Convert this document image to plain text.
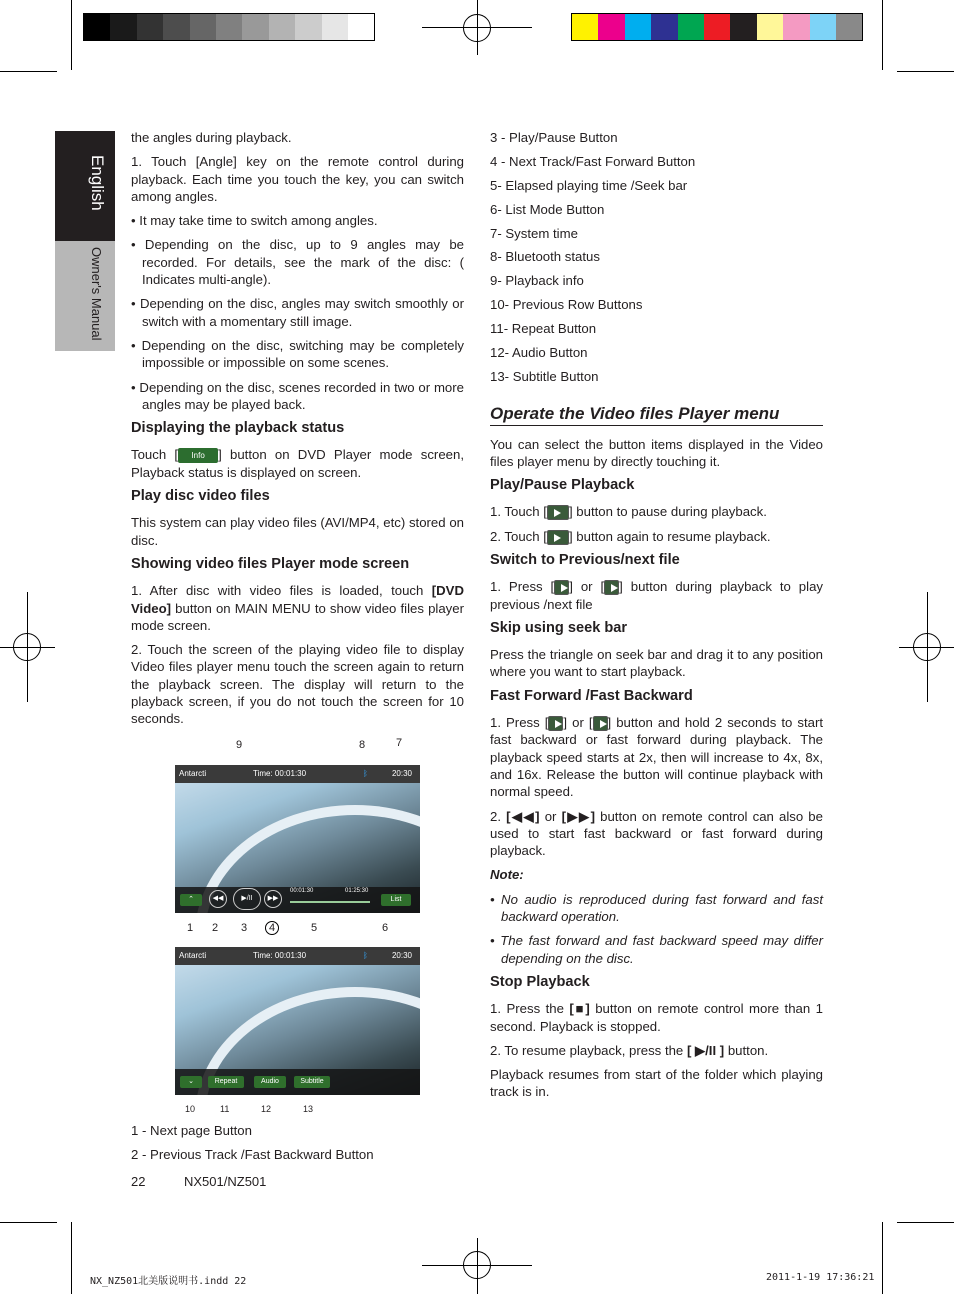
English
Owner's Manual

the angles during playback.

1. Touch [Angle] key on the remote control during playback. Each time you touch the key, you can switch among angles.

• It may take time to switch among angles.

• Depending on the disc, up to 9 angles may be recorded. For details, see the mark of the disc: ( Indicates multi-angle).

• Depending on the disc, angles may switch smoothly or switch with a momentary still image.

• Depending on the disc, switching may be completely impossible or impossible on some scenes.

• Depending on the disc, scenes recorded in two or more angles may be played back.

Displaying the playback status

Touch [ Info ] button on DVD Player mode screen, Playback status is displayed on screen.

Play disc video files

This system can play video files (AVI/MP4, etc) stored on disc.

Showing video files Player mode screen

1. After disc with video files is loaded, touch [DVD Video] button on MAIN MENU to show video files player mode screen.

2. Touch the screen of the playing video file to display Video files player menu touch the screen again to return the playback screen. The display will return to the playback screen, if you do not touch the screen for 10 seconds.

9	8	7
Antarcti	Time: 00:01:30	ᛒ	20:30
⌃	◀◀	▶/II	▶▶
00:01:30	01:25:30
List
1 2 3	4	5	6
Antarcti	Time: 00:01:30	ᛒ	20:30
⌄	Repeat	Audio	Subtitle
10	11	12	13

1 - Next page Button

2 - Previous Track /Fast Backward Button

22	NX501/NZ501

3 - Play/Pause Button

4 - Next Track/Fast Forward Button

5- Elapsed playing time /Seek bar

6- List Mode Button

7- System time

8- Bluetooth status

9- Playback info

10- Previous Row Buttons

11- Repeat Button

12- Audio Button

13- Subtitle Button

Operate the Video files Player menu

You can select the button items displayed in the Video files player menu by directly touching it.

Play/Pause Playback

1. Touch [ ] button to pause during playback.

2. Touch [ ] button again to resume playback.

Switch to Previous/next file

1. Press [ ] or [ ] button during playback to play previous /next file

Skip using seek bar

Press the triangle on seek bar and drag it to any position where you want to start playback.

Fast Forward /Fast Backward

1. Press [ ] or [ ] button and hold 2 seconds to start fast backward or fast forward during playback. The playback speed starts at 2x, then will increase to 4x, 8x, and 16x. Release the button will continue playback with normal speed.

2. [◀◀] or [▶▶] button on remote control can also be used to start fast backward or fast forward during playback.

Note:

• No audio is reproduced during fast forward and fast backward operation.

• The fast forward and fast backward speed may differ depending on the disc.

Stop Playback

1. Press the [■] button on remote control more than 1 second. Playback is stopped.

2. To resume playback, press the [ ▶/II ] button.

Playback resumes from start of the folder which playing track is in.

NX_NZ501北美版说明书.indd 22	2011-1-19 17:36:21
